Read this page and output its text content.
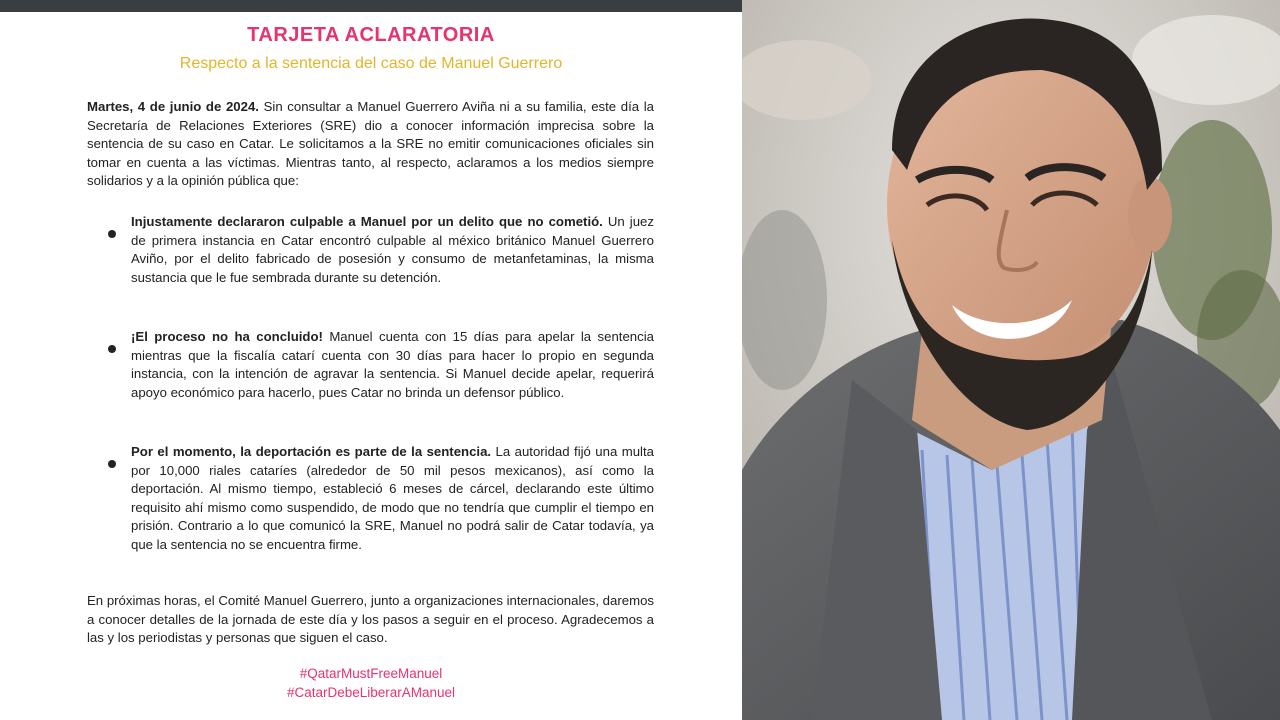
TARJETA ACLARATORIA
Respecto a la sentencia del caso de Manuel Guerrero

Martes, 4 de junio de 2024. Sin consultar a Manuel Guerrero Aviña ni a su familia, este día la Secretaría de Relaciones Exteriores (SRE) dio a conocer información imprecisa sobre la sentencia de su caso en Catar. Le solicitamos a la SRE no emitir comunicaciones oficiales sin tomar en cuenta a las víctimas. Mientras tanto, al respecto, aclaramos a los medios siempre solidarios y a la opinión pública que:

Injustamente declararon culpable a Manuel por un delito que no cometió. Un juez de primera instancia en Catar encontró culpable al méxico británico Manuel Guerrero Aviño, por el delito fabricado de posesión y consumo de metanfetaminas, la misma sustancia que le fue sembrada durante su detención.

¡El proceso no ha concluido! Manuel cuenta con 15 días para apelar la sentencia mientras que la fiscalía catarí cuenta con 30 días para hacer lo propio en segunda instancia, con la intención de agravar la sentencia. Si Manuel decide apelar, requerirá apoyo económico para hacerlo, pues Catar no brinda un defensor público.

Por el momento, la deportación es parte de la sentencia. La autoridad fijó una multa por 10,000 riales cataríes (alrededor de 50 mil pesos mexicanos), así como la deportación. Al mismo tiempo, estableció 6 meses de cárcel, declarando este último requisito ahí mismo como suspendido, de modo que no tendría que cumplir el tiempo en prisión. Contrario a lo que comunicó la SRE, Manuel no podrá salir de Catar todavía, ya que la sentencia no se encuentra firme.

En próximas horas, el Comité Manuel Guerrero, junto a organizaciones internacionales, daremos a conocer detalles de la jornada de este día y los pasos a seguir en el proceso. Agradecemos a las y los periodistas y personas que siguen el caso.

#QatarMustFreeManuel
#CatarDebeLiberarAManuel
